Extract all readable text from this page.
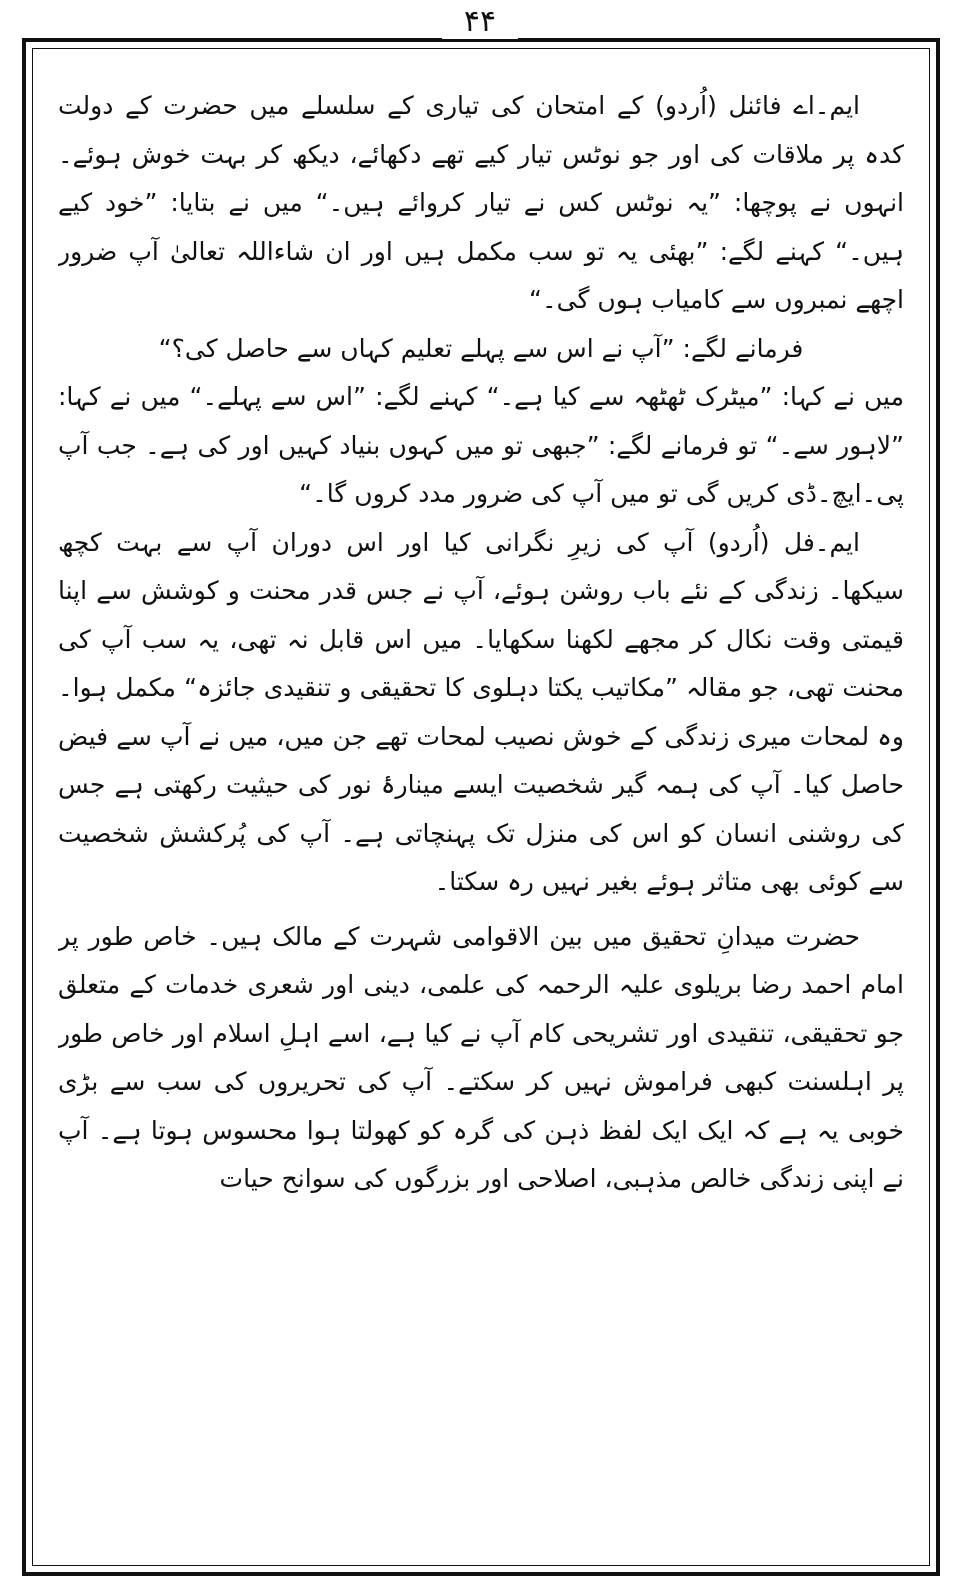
۴۴

ایم۔اے فائنل (اُردو) کے امتحان کی تیاری کے سلسلے میں حضرت کے دولت کدہ پر ملاقات کی اور جو نوٹس تیار کیے تھے دکھائے، دیکھ کر بہت خوش ہوئے۔ انہوں نے پوچھا: ”یہ نوٹس کس نے تیار کروائے ہیں۔“ میں نے بتایا: ”خود کیے ہیں۔“ کہنے لگے: ”بھئی یہ تو سب مکمل ہیں اور ان شاءاللہ تعالیٰ آپ ضرور اچھے نمبروں سے کامیاب ہوں گی۔“

فرمانے لگے: ”آپ نے اس سے پہلے تعلیم کہاں سے حاصل کی؟“

میں نے کہا: ”میٹرک ٹھٹھہ سے کیا ہے۔“ کہنے لگے: ”اس سے پہلے۔“ میں نے کہا: ”لاہور سے۔“ تو فرمانے لگے: ”جبھی تو میں کہوں بنیاد کہیں اور کی ہے۔ جب آپ پی۔ایچ۔ڈی کریں گی تو میں آپ کی ضرور مدد کروں گا۔“

ایم۔فل (اُردو) آپ کی زیرِ نگرانی کیا اور اس دوران آپ سے بہت کچھ سیکھا۔ زندگی کے نئے باب روشن ہوئے، آپ نے جس قدر محنت و کوشش سے اپنا قیمتی وقت نکال کر مجھے لکھنا سکھایا۔ میں اس قابل نہ تھی، یہ سب آپ کی محنت تھی، جو مقالہ ”مکاتیب یکتا دہلوی کا تحقیقی و تنقیدی جائزہ“ مکمل ہوا۔ وہ لمحات میری زندگی کے خوش نصیب لمحات تھے جن میں، میں نے آپ سے فیض حاصل کیا۔ آپ کی ہمہ گیر شخصیت ایسے مینارۂ نور کی حیثیت رکھتی ہے جس کی روشنی انسان کو اس کی منزل تک پہنچاتی ہے۔ آپ کی پُرکشش شخصیت سے کوئی بھی متاثر ہوئے بغیر نہیں رہ سکتا۔

حضرت میدانِ تحقیق میں بین الاقوامی شہرت کے مالک ہیں۔ خاص طور پر امام احمد رضا بریلوی علیہ الرحمہ کی علمی، دینی اور شعری خدمات کے متعلق جو تحقیقی، تنقیدی اور تشریحی کام آپ نے کیا ہے، اسے اہلِ اسلام اور خاص طور پر اہلسنت کبھی فراموش نہیں کر سکتے۔ آپ کی تحریروں کی سب سے بڑی خوبی یہ ہے کہ ایک ایک لفظ ذہن کی گرہ کو کھولتا ہوا محسوس ہوتا ہے۔ آپ نے اپنی زندگی خالص مذہبی، اصلاحی اور بزرگوں کی سوانح حیات
